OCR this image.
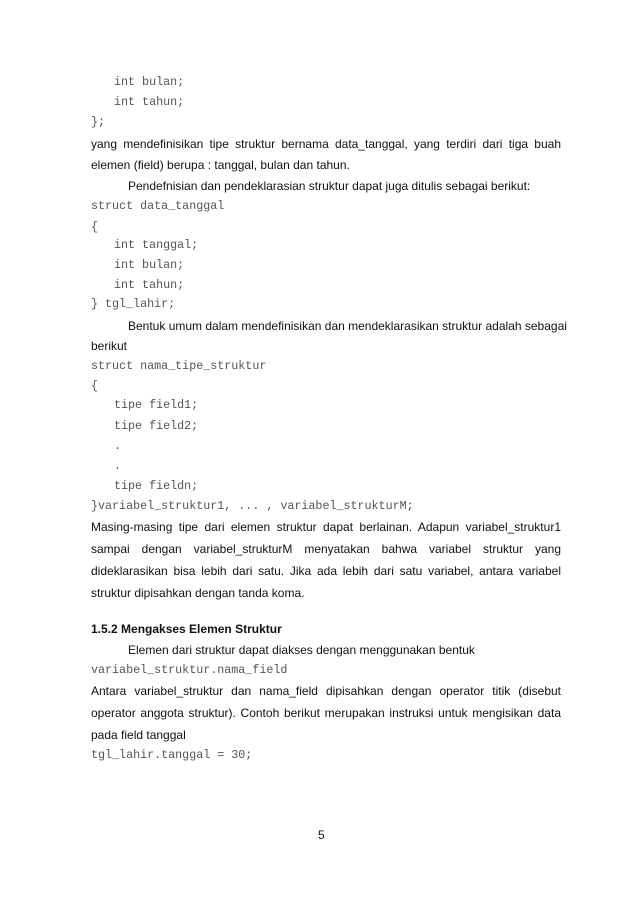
int bulan;
int tahun;
};
yang mendefinisikan tipe struktur bernama data_tanggal, yang terdiri dari tiga buah
elemen (field) berupa : tanggal, bulan dan tahun.
Pendefnisian dan pendeklarasian struktur dapat juga ditulis sebagai berikut:
struct data_tanggal
{
int tanggal;
int bulan;
int tahun;
} tgl_lahir;
Bentuk umum dalam mendefinisikan dan mendeklarasikan struktur adalah sebagai
berikut
struct nama_tipe_struktur
{
tipe field1;
tipe field2;
.
.
tipe fieldn;
}variabel_struktur1, ... , variabel_strukturM;
Masing-masing tipe dari elemen struktur dapat berlainan. Adapun variabel_struktur1
sampai dengan variabel_strukturM menyatakan bahwa variabel struktur yang
dideklarasikan bisa lebih dari satu. Jika ada lebih dari satu variabel, antara variabel
struktur dipisahkan dengan tanda koma.
1.5.2 Mengakses Elemen Struktur
Elemen dari struktur dapat diakses dengan menggunakan bentuk
variabel_struktur.nama_field
Antara variabel_struktur dan nama_field dipisahkan dengan operator titik (disebut
operator anggota struktur). Contoh berikut merupakan instruksi untuk mengisikan data
pada field tanggal
tgl_lahir.tanggal = 30;
5
